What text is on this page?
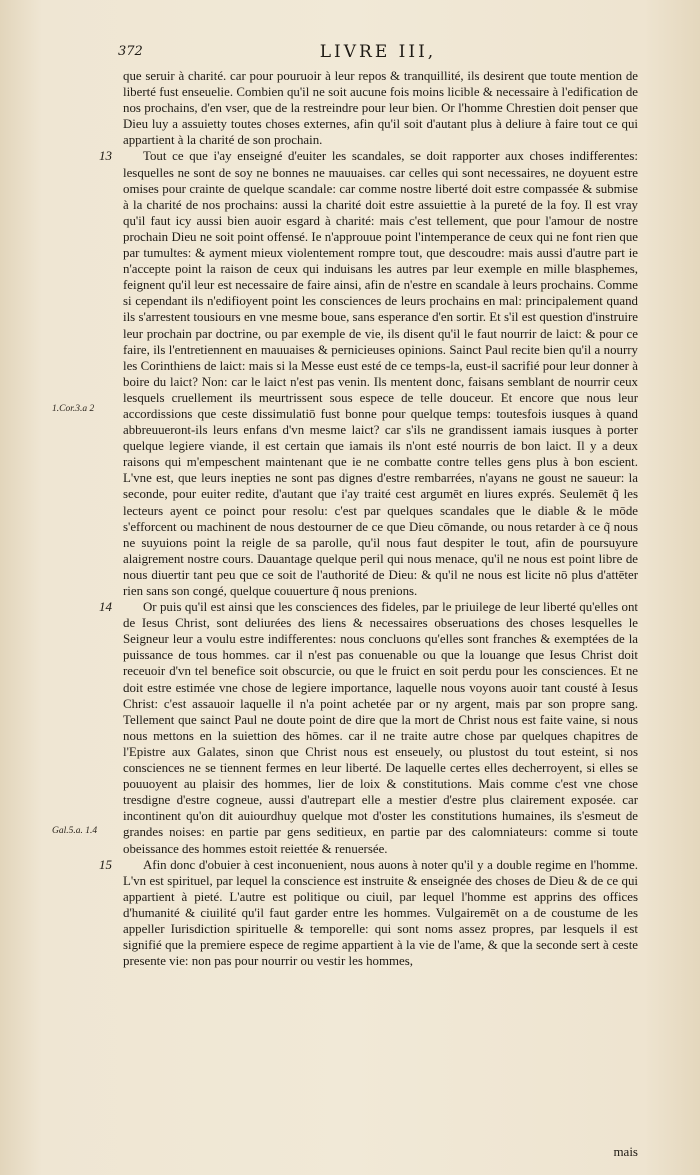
372	LIVRE III,
1.Cor.3.a 2
Gal.5.a. 1.4

que seruir à charité. car pour pouruoir à leur repos & tranquillité, ils desirent que toute mention de liberté fust enseuelie. Combien qu'il ne soit aucune fois moins licible & necessaire à l'edification de nos prochains, d'en vser, que de la restreindre pour leur bien. Or l'homme Chrestien doit penser que Dieu luy a assuietty toutes choses externes, afin qu'il soit d'autant plus à deliure à faire tout ce qui appartient à la charité de son prochain.

13	Tout ce que i'ay enseigné d'euiter les scandales, se doit rapporter aux choses indifferentes: lesquelles ne sont de soy ne bonnes ne mauuaises. car celles qui sont necessaires, ne doyuent estre omises pour crainte de quelque scandale: car comme nostre liberté doit estre compassée & submise à la charité de nos prochains: aussi la charité doit estre assuiettie à la pureté de la foy. Il est vray qu'il faut icy aussi bien auoir esgard à charité: mais c'est tellement, que pour l'amour de nostre prochain Dieu ne soit point offensé. Ie n'approuue point l'intemperance de ceux qui ne font rien que par tumultes: & ayment mieux violentement rompre tout, que descoudre: mais aussi d'autre part ie n'accepte point la raison de ceux qui induisans les autres par leur exemple en mille blasphemes, feignent qu'il leur est necessaire de faire ainsi, afin de n'estre en scandale à leurs prochains. Comme si cependant ils n'edifioyent point les consciences de leurs prochains en mal: principalement quand ils s'arrestent tousiours en vne mesme boue, sans esperance d'en sortir. Et s'il est question d'instruire leur prochain par doctrine, ou par exemple de vie, ils disent qu'il le faut nourrir de laict: & pour ce faire, ils l'entretiennent en mauuaises & pernicieuses opinions. Sainct Paul recite bien qu'il a nourry les Corinthiens de laict: mais si la Messe eust esté de ce temps-la, eust-il sacrifié pour leur donner à boire du laict? Non: car le laict n'est pas venin. Ils mentent donc, faisans semblant de nourrir ceux lesquels cruellement ils meurtrissent sous espece de telle douceur. Et encore que nous leur accordissions que ceste dissimulatiō fust bonne pour quelque temps: toutesfois iusques à quand abbreuueront-ils leurs enfans d'vn mesme laict? car s'ils ne grandissent iamais iusques à porter quelque legiere viande, il est certain que iamais ils n'ont esté nourris de bon laict. Il y a deux raisons qui m'empeschent maintenant que ie ne combatte contre telles gens plus à bon escient. L'vne est, que leurs inepties ne sont pas dignes d'estre rembarrées, n'ayans ne goust ne saueur: la seconde, pour euiter redite, d'autant que i'ay traité cest argumēt en liures exprés. Seulemēt q̃ les lecteurs ayent ce poinct pour resolu: c'est par quelques scandales que le diable & le mōde s'efforcent ou machinent de nous destourner de ce que Dieu cōmande, ou nous retarder à ce q̃ nous ne suyuions point la reigle de sa parolle, qu'il nous faut despiter le tout, afin de poursuyure alaigrement nostre cours. Dauantage quelque peril qui nous menace, qu'il ne nous est point libre de nous diuertir tant peu que ce soit de l'authorité de Dieu: & qu'il ne nous est licite nō plus d'attēter rien sans son congé, quelque couuerture q̃ nous prenions.

14	Or puis qu'il est ainsi que les consciences des fideles, par le priuilege de leur liberté qu'elles ont de Iesus Christ, sont deliurées des liens & necessaires obseruations des choses lesquelles le Seigneur leur a voulu estre indifferentes: nous concluons qu'elles sont franches & exemptées de la puissance de tous hommes. car il n'est pas conuenable ou que la louange que Iesus Christ doit receuoir d'vn tel benefice soit obscurcie, ou que le fruict en soit perdu pour les consciences. Et ne doit estre estimée vne chose de legiere importance, laquelle nous voyons auoir tant cousté à Iesus Christ: c'est assauoir laquelle il n'a point achetée par or ny argent, mais par son propre sang. Tellement que sainct Paul ne doute point de dire que la mort de Christ nous est faite vaine, si nous nous mettons en la suiettion des hōmes. car il ne traite autre chose par quelques chapitres de l'Epistre aux Galates, sinon que Christ nous est enseuely, ou plustost du tout esteint, si nos consciences ne se tiennent fermes en leur liberté. De laquelle certes elles decherroyent, si elles se pouuoyent au plaisir des hommes, lier de loix & constitutions. Mais comme c'est vne chose tresdigne d'estre cogneue, aussi d'autrepart elle a mestier d'estre plus clairement exposée. car incontinent qu'on dit auiourdhuy quelque mot d'oster les constitutions humaines, ils s'esmeut de grandes noises: en partie par gens seditieux, en partie par des calomniateurs: comme si toute obeissance des hommes estoit reiettée & renuersée.

15	Afin donc d'obuier à cest inconuenient, nous auons à noter qu'il y a double regime en l'homme. L'vn est spirituel, par lequel la conscience est instruite & enseignée des choses de Dieu & de ce qui appartient à pieté. L'autre est politique ou ciuil, par lequel l'homme est apprins des offices d'humanité & ciuilité qu'il faut garder entre les hommes. Vulgairemēt on a de coustume de les appeller Iurisdiction spirituelle & temporelle: qui sont noms assez propres, par lesquels il est signifié que la premiere espece de regime appartient à la vie de l'ame, & que la seconde sert à ceste presente vie: non pas pour nourrir ou vestir les hommes,

mais
